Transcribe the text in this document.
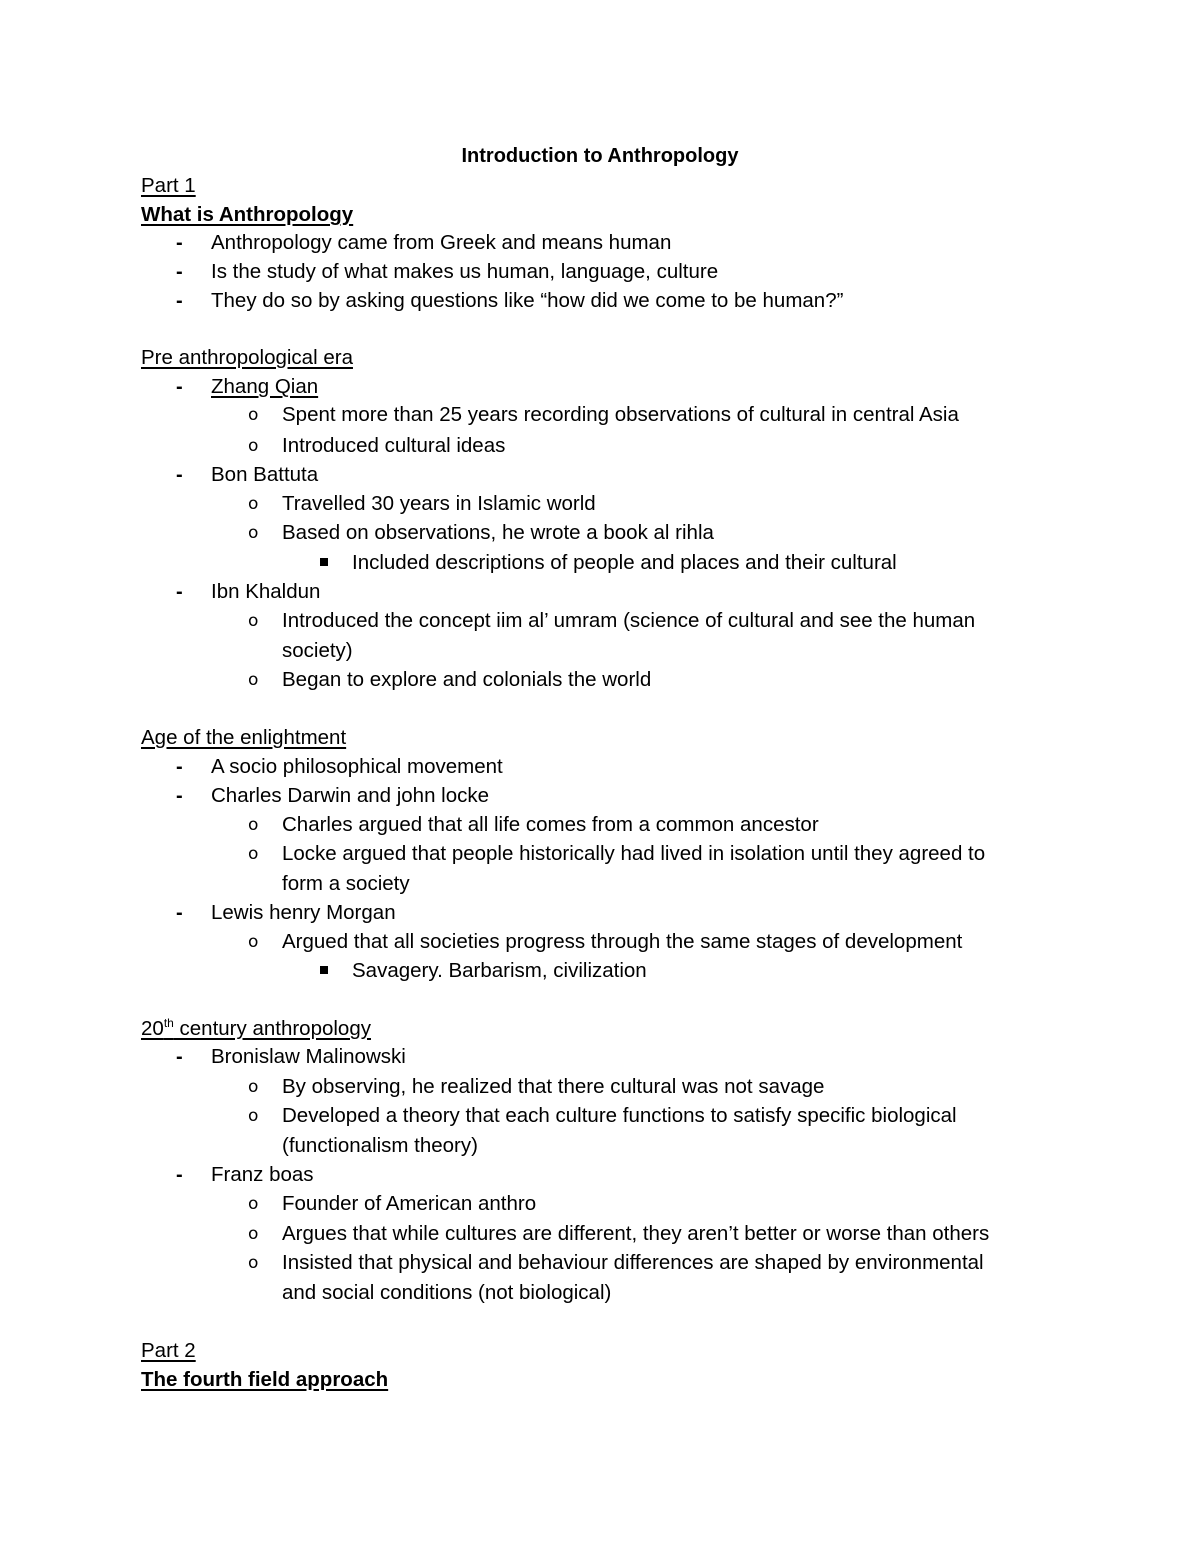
Introduction to Anthropology
Part 1
What is Anthropology
- Anthropology came from Greek and means human
- Is the study of what makes us human, language, culture
- They do so by asking questions like “how did we come to be human?”
Pre anthropological era
- Zhang Qian
o Spent more than 25 years recording observations of cultural in central Asia
o Introduced cultural ideas
- Bon Battuta
o Travelled 30 years in Islamic world
o Based on observations, he wrote a book al rihla
Included descriptions of people and places and their cultural
- Ibn Khaldun
o Introduced the concept iim al’ umram (science of cultural and see the human
society)
o Began to explore and colonials the world
Age of the enlightment
- A socio philosophical movement
- Charles Darwin and john locke
o Charles argued that all life comes from a common ancestor
o Locke argued that people historically had lived in isolation until they agreed to
form a society
- Lewis henry Morgan
o Argued that all societies progress through the same stages of development
Savagery. Barbarism, civilization
20th century anthropology
- Bronislaw Malinowski
o By observing, he realized that there cultural was not savage
o Developed a theory that each culture functions to satisfy specific biological
(functionalism theory)
- Franz boas
o Founder of American anthro
o Argues that while cultures are different, they aren’t better or worse than others
o Insisted that physical and behaviour differences are shaped by environmental
and social conditions (not biological)
Part 2
The fourth field approach
